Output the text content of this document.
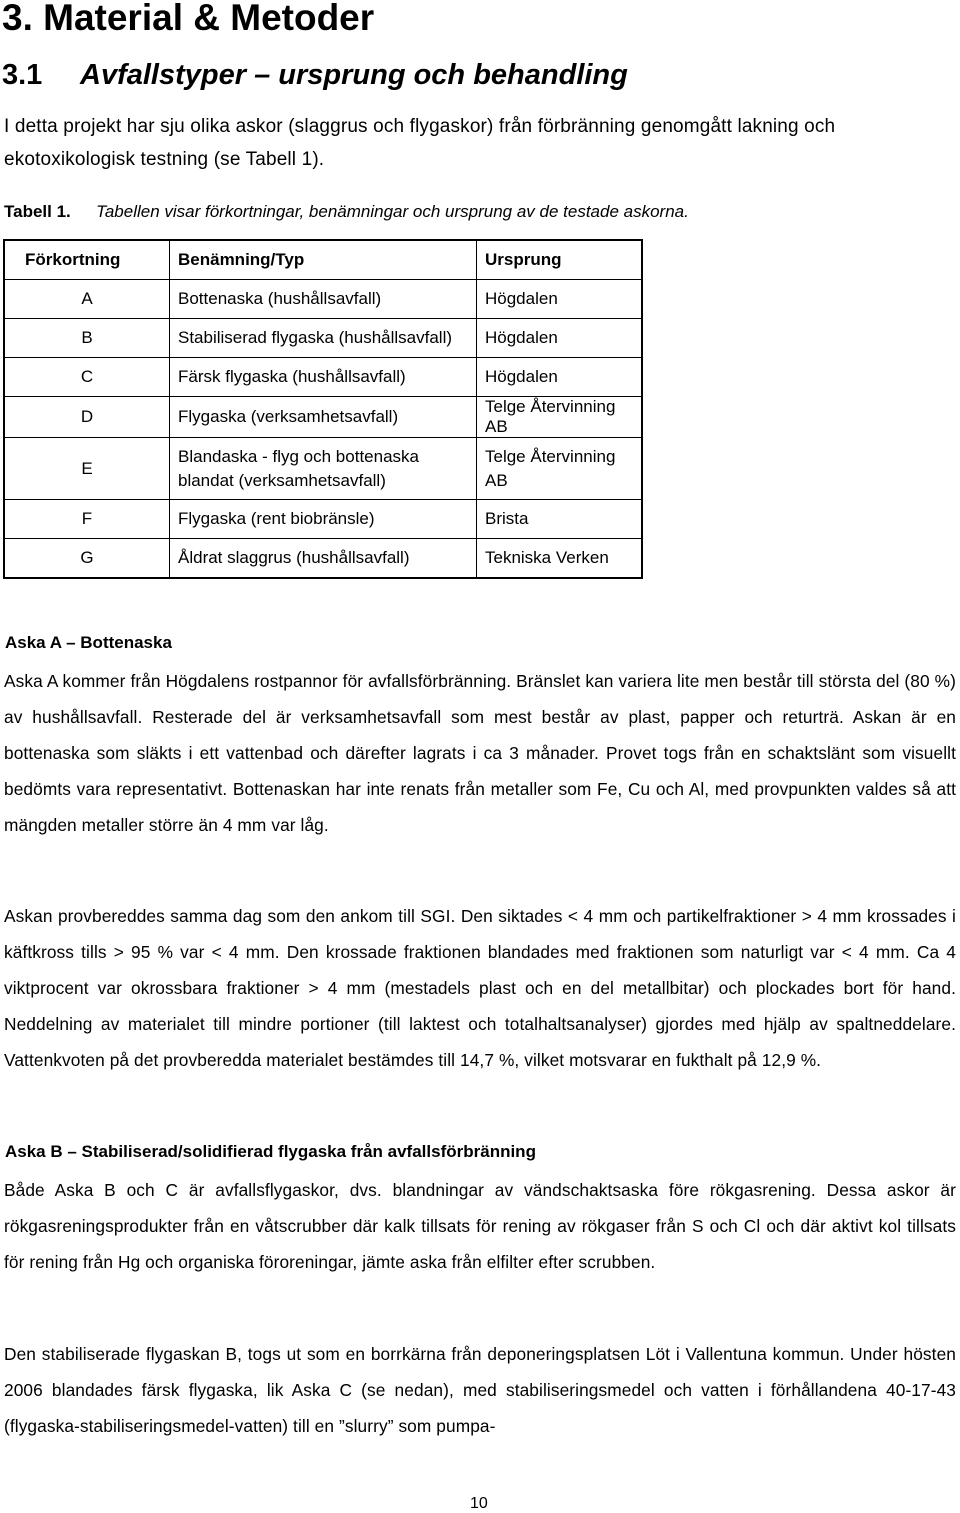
3. Material & Metoder
3.1 Avfallstyper – ursprung och behandling

I detta projekt har sju olika askor (slaggrus och flygaskor) från förbränning genomgått lakning och ekotoxikologisk testning (se Tabell 1).

Tabell 1. Tabellen visar förkortningar, benämningar och ursprung av de testade askorna.

Förkortning	Benämning/Typ	Ursprung
A	Bottenaska (hushållsavfall)	Högdalen
B	Stabiliserad flygaska (hushållsavfall)	Högdalen
C	Färsk flygaska (hushållsavfall)	Högdalen
D	Flygaska (verksamhetsavfall)	Telge Återvinning AB
E	Blandaska - flyg och bottenaska blandat (verksamhetsavfall)	Telge Återvinning AB
F	Flygaska (rent biobränsle)	Brista
G	Åldrat slaggrus (hushållsavfall)	Tekniska Verken

Aska A – Bottenaska

Aska A kommer från Högdalens rostpannor för avfallsförbränning. Bränslet kan variera lite men består till största del (80 %) av hushållsavfall. Resterade del är verksamhetsavfall som mest består av plast, papper och returträ. Askan är en bottenaska som släkts i ett vattenbad och därefter lagrats i ca 3 månader. Provet togs från en schaktslänt som visuellt bedömts vara representativt. Bottenaskan har inte renats från metaller som Fe, Cu och Al, med provpunkten valdes så att mängden metaller större än 4 mm var låg.

Askan provbereddes samma dag som den ankom till SGI. Den siktades < 4 mm och partikelfraktioner > 4 mm krossades i käftkross tills > 95 % var < 4 mm. Den krossade fraktionen blandades med fraktionen som naturligt var < 4 mm. Ca 4 viktprocent var okrossbara fraktioner > 4 mm (mestadels plast och en del metallbitar) och plockades bort för hand. Neddelning av materialet till mindre portioner (till laktest och totalhaltsanalyser) gjordes med hjälp av spaltneddelare. Vattenkvoten på det provberedda materialet bestämdes till 14,7 %, vilket motsvarar en fukthalt på 12,9 %.

Aska B – Stabiliserad/solidifierad flygaska från avfallsförbränning

Både Aska B och C är avfallsflygaskor, dvs. blandningar av vändschaktsaska före rökgasrening. Dessa askor är rökgasreningsprodukter från en våtscrubber där kalk tillsats för rening av rökgaser från S och Cl och där aktivt kol tillsats för rening från Hg och organiska föroreningar, jämte aska från elfilter efter scrubben.

Den stabiliserade flygaskan B, togs ut som en borrkärna från deponeringsplatsen Löt i Vallentuna kommun. Under hösten 2006 blandades färsk flygaska, lik Aska C (se nedan), med stabiliseringsmedel och vatten i förhållandena 40-17-43 (flygaska-stabiliseringsmedel-vatten) till en ”slurry” som pumpa-

10
